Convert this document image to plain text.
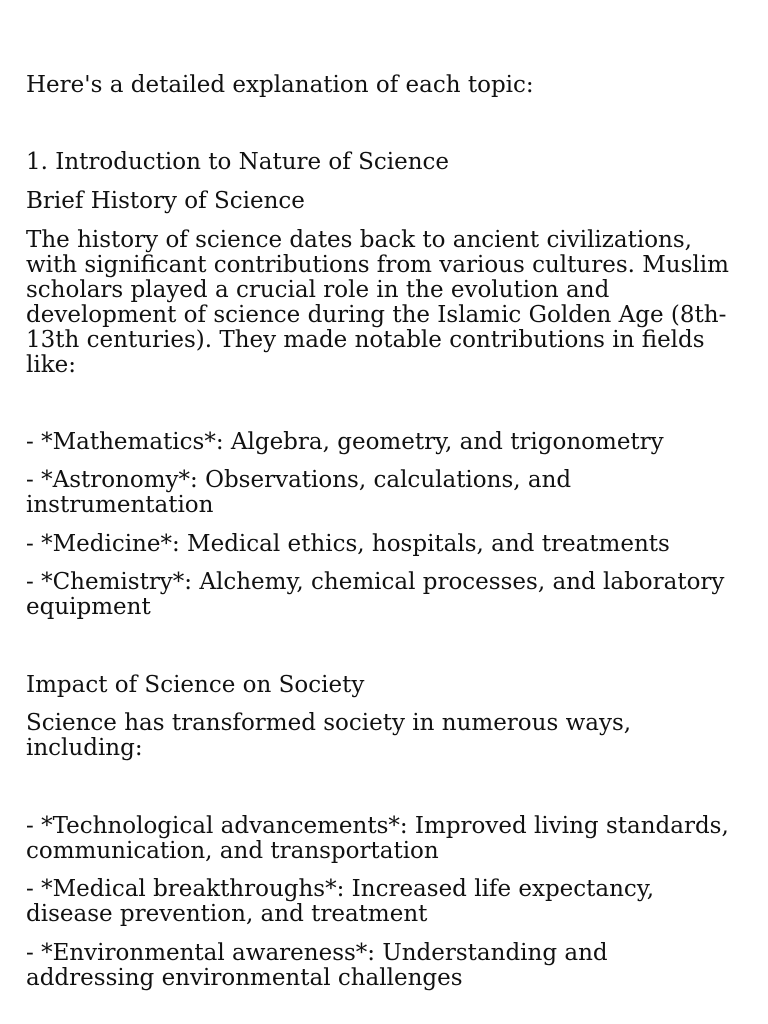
Here's a detailed explanation of each topic:

1. Introduction to Nature of Science

Brief History of Science

The history of science dates back to ancient civilizations, with significant contributions from various cultures. Muslim scholars played a crucial role in the evolution and development of science during the Islamic Golden Age (8th-13th centuries). They made notable contributions in fields like:

- *Mathematics*: Algebra, geometry, and trigonometry

- *Astronomy*: Observations, calculations, and instrumentation

- *Medicine*: Medical ethics, hospitals, and treatments

- *Chemistry*: Alchemy, chemical processes, and laboratory equipment

Impact of Science on Society

Science has transformed society in numerous ways, including:

- *Technological advancements*: Improved living standards, communication, and transportation

- *Medical breakthroughs*: Increased life expectancy, disease prevention, and treatment

- *Environmental awareness*: Understanding and addressing environmental challenges
